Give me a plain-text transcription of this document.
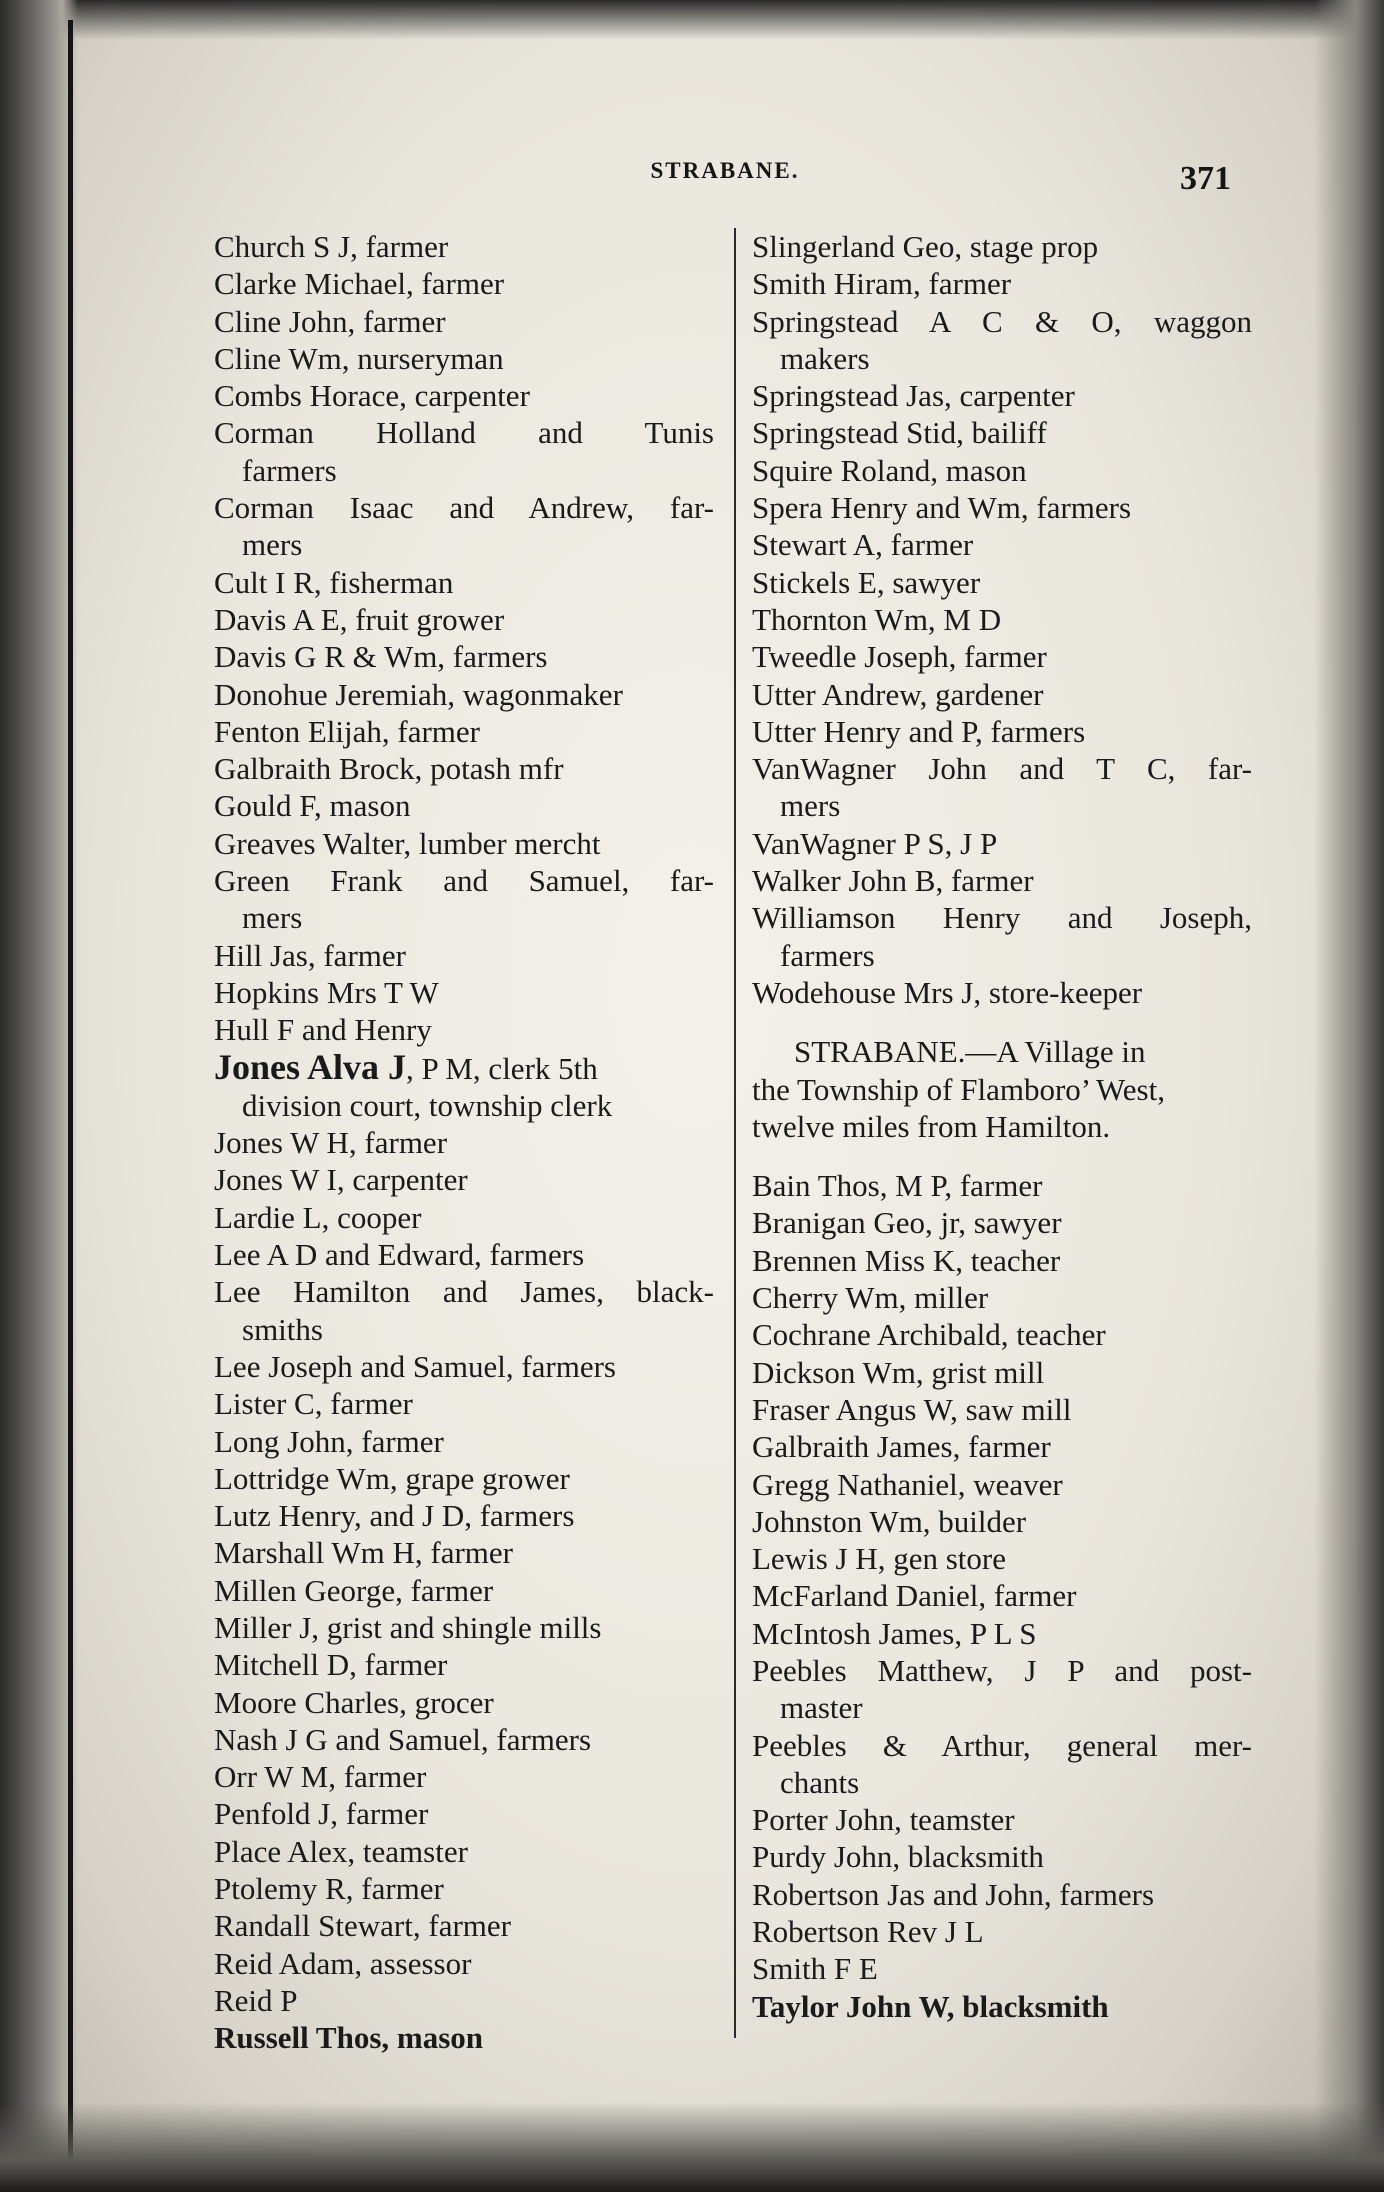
STRABANE.	371
Church S J, farmer
Clarke Michael, farmer
Cline John, farmer
Cline Wm, nurseryman
Combs Horace, carpenter
Corman Holland and Tunis
farmers
Corman Isaac and Andrew, far-
mers
Cult I R, fisherman
Davis A E, fruit grower
Davis G R & Wm, farmers
Donohue Jeremiah, wagonmaker
Fenton Elijah, farmer
Galbraith Brock, potash mfr
Gould F, mason
Greaves Walter, lumber mercht
Green Frank and Samuel, far-
mers
Hill Jas, farmer
Hopkins Mrs T W
Hull F and Henry
Jones Alva J, P M, clerk 5th
division court, township clerk
Jones W H, farmer
Jones W I, carpenter
Lardie L, cooper
Lee A D and Edward, farmers
Lee Hamilton and James, black-
smiths
Lee Joseph and Samuel, farmers
Lister C, farmer
Long John, farmer
Lottridge Wm, grape grower
Lutz Henry, and J D, farmers
Marshall Wm H, farmer
Millen George, farmer
Miller J, grist and shingle mills
Mitchell D, farmer
Moore Charles, grocer
Nash J G and Samuel, farmers
Orr W M, farmer
Penfold J, farmer
Place Alex, teamster
Ptolemy R, farmer
Randall Stewart, farmer
Reid Adam, assessor
Reid P
Russell Thos, mason
Slingerland Geo, stage prop
Smith Hiram, farmer
Springstead A C & O, waggon
makers
Springstead Jas, carpenter
Springstead Stid, bailiff
Squire Roland, mason
Spera Henry and Wm, farmers
Stewart A, farmer
Stickels E, sawyer
Thornton Wm, M D
Tweedle Joseph, farmer
Utter Andrew, gardener
Utter Henry and P, farmers
VanWagner John and T C, far-
mers
VanWagner P S, J P
Walker John B, farmer
Williamson Henry and Joseph,
farmers
Wodehouse Mrs J, store-keeper
STRABANE.—A Village in
the Township of Flamboro’ West,
twelve miles from Hamilton.
Bain Thos, M P, farmer
Branigan Geo, jr, sawyer
Brennen Miss K, teacher
Cherry Wm, miller
Cochrane Archibald, teacher
Dickson Wm, grist mill
Fraser Angus W, saw mill
Galbraith James, farmer
Gregg Nathaniel, weaver
Johnston Wm, builder
Lewis J H, gen store
McFarland Daniel, farmer
McIntosh James, P L S
Peebles Matthew, J P and post-
master
Peebles & Arthur, general mer-
chants
Porter John, teamster
Purdy John, blacksmith
Robertson Jas and John, farmers
Robertson Rev J L
Smith F E
Taylor John W, blacksmith
